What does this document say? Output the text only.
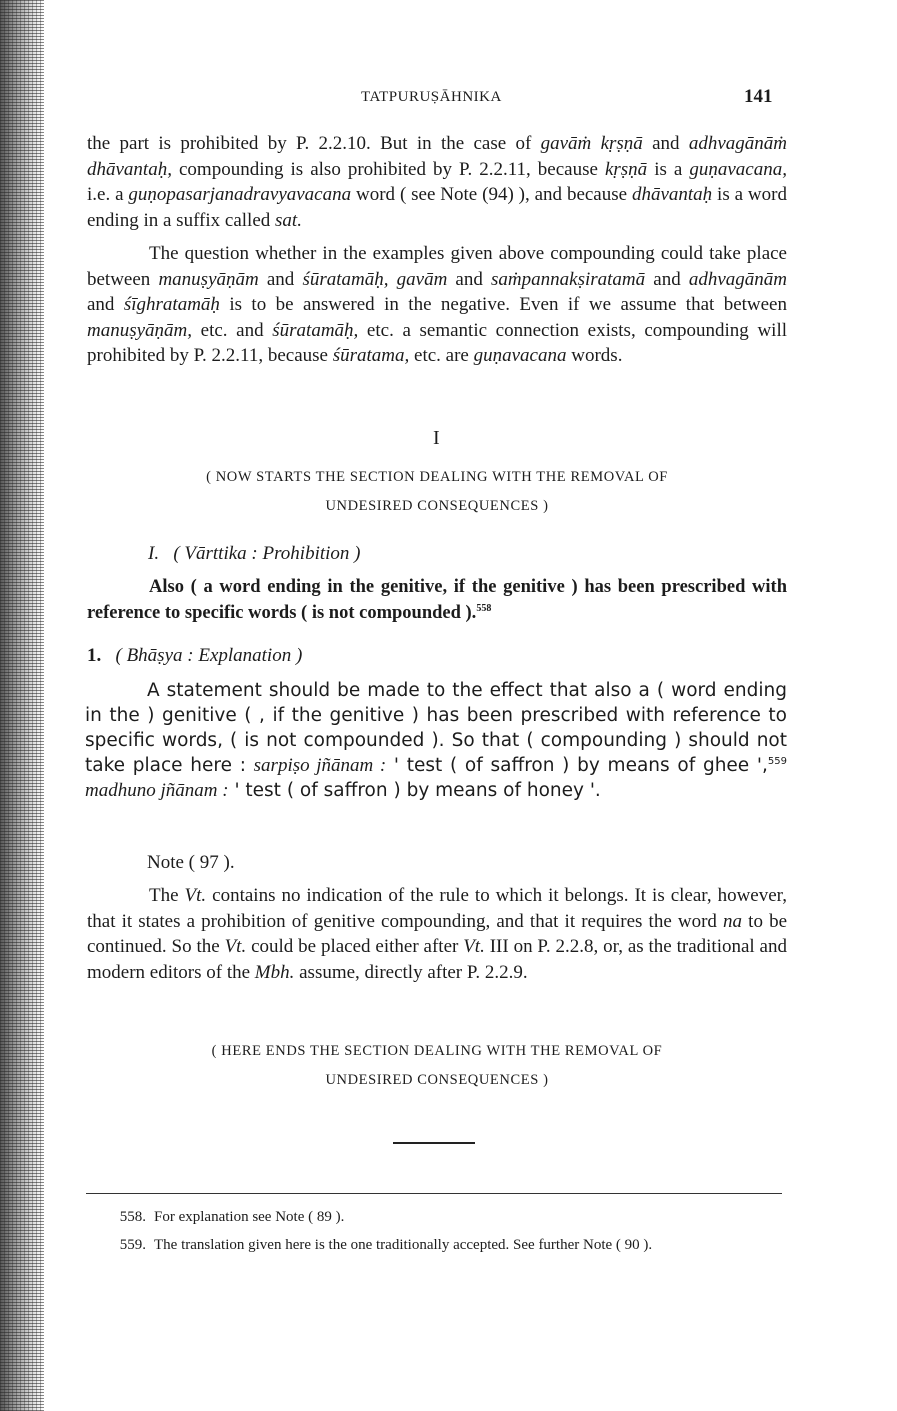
TATPURUṢĀHNIKA	141

the part is prohibited by P. 2.2.10. But in the case of gavāṁ kṛṣṇā and adhvagānāṁ dhāvantaḥ, compounding is also prohibited by P. 2.2.11, because kṛṣṇā is a guṇavacana, i.e. a guṇopasarjanadravyavacana word ( see Note (94) ), and because dhāvantaḥ is a word ending in a suffix called sat.

The question whether in the examples given above compounding could take place between manuṣyāṇām and śūratamāḥ, gavām and saṁpannakṣiratamā and adhvagānām and śīghratamāḥ is to be answered in the negative. Even if we assume that between manuṣyāṇām, etc. and śūratamāḥ, etc. a semantic connection exists, compounding will prohibited by P. 2.2.11, because śūratama, etc. are guṇavacana words.

I

( NOW STARTS THE SECTION DEALING WITH THE REMOVAL OF

UNDESIRED CONSEQUENCES )

I. ( Vārttika : Prohibition )

Also ( a word ending in the genitive, if the genitive ) has been prescribed with reference to specific words ( is not compounded ).$^{558}$

1. ( Bhāṣya : Explanation )

A statement should be made to the effect that also a ( word ending in the ) genitive ( , if the genitive ) has been prescribed with reference to specific words, ( is not compounded ). So that ( compounding ) should not take place here : sarpiṣo jñānam : ' test ( of saffron ) by means of ghee ',$^{559}$ madhuno jñānam : ' test ( of saffron ) by means of honey '.

Note ( 97 ).

The Vt. contains no indication of the rule to which it belongs. It is clear, however, that it states a prohibition of genitive compounding, and that it requires the word na to be continued. So the Vt. could be placed either after Vt. III on P. 2.2.8, or, as the traditional and modern editors of the Mbh. assume, directly after P. 2.2.9.

( HERE ENDS THE SECTION DEALING WITH THE REMOVAL OF

UNDESIRED CONSEQUENCES )

558. For explanation see Note ( 89 ).

559. The translation given here is the one traditionally accepted. See further Note ( 90 ).
